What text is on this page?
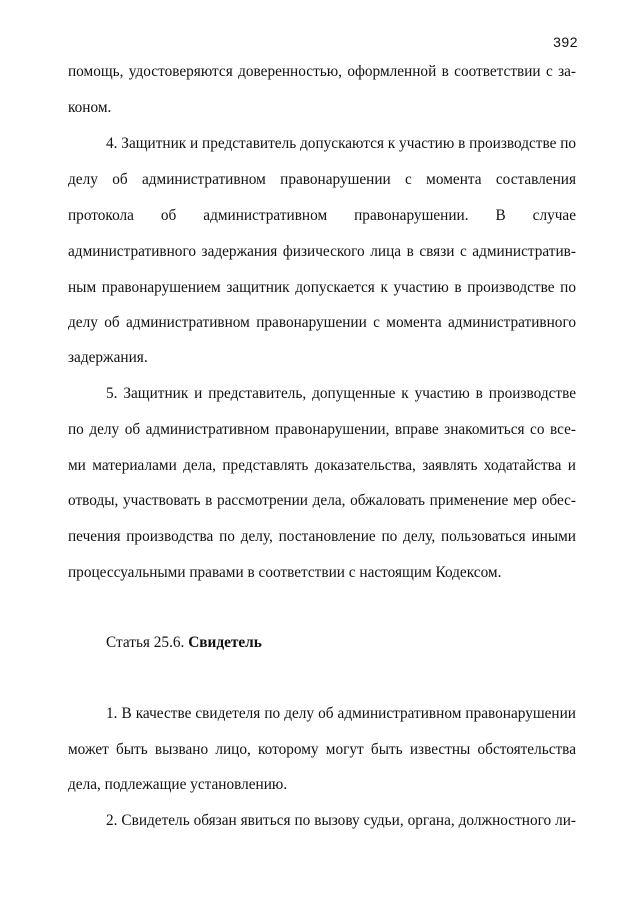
392
помощь, удостоверяются доверенностью, оформленной в соответствии с за-
коном.
4. Защитник и представитель допускаются к участию в производстве по
делу об административном правонарушении с момента составления
протокола об административном правонарушении. В случае
административного задержания физического лица в связи с административ-
ным правонарушением защитник допускается к участию в производстве по
делу об административном правонарушении с момента административного
задержания.
5. Защитник и представитель, допущенные к участию в производстве
по делу об административном правонарушении, вправе знакомиться со все-
ми материалами дела, представлять доказательства, заявлять ходатайства и
отводы, участвовать в рассмотрении дела, обжаловать применение мер обес-
печения производства по делу, постановление по делу, пользоваться иными
процессуальными правами в соответствии с настоящим Кодексом.
Статья 25.6. Свидетель
1. В качестве свидетеля по делу об административном правонарушении
может быть вызвано лицо, которому могут быть известны обстоятельства
дела, подлежащие установлению.
2. Свидетель обязан явиться по вызову судьи, органа, должностного ли-
